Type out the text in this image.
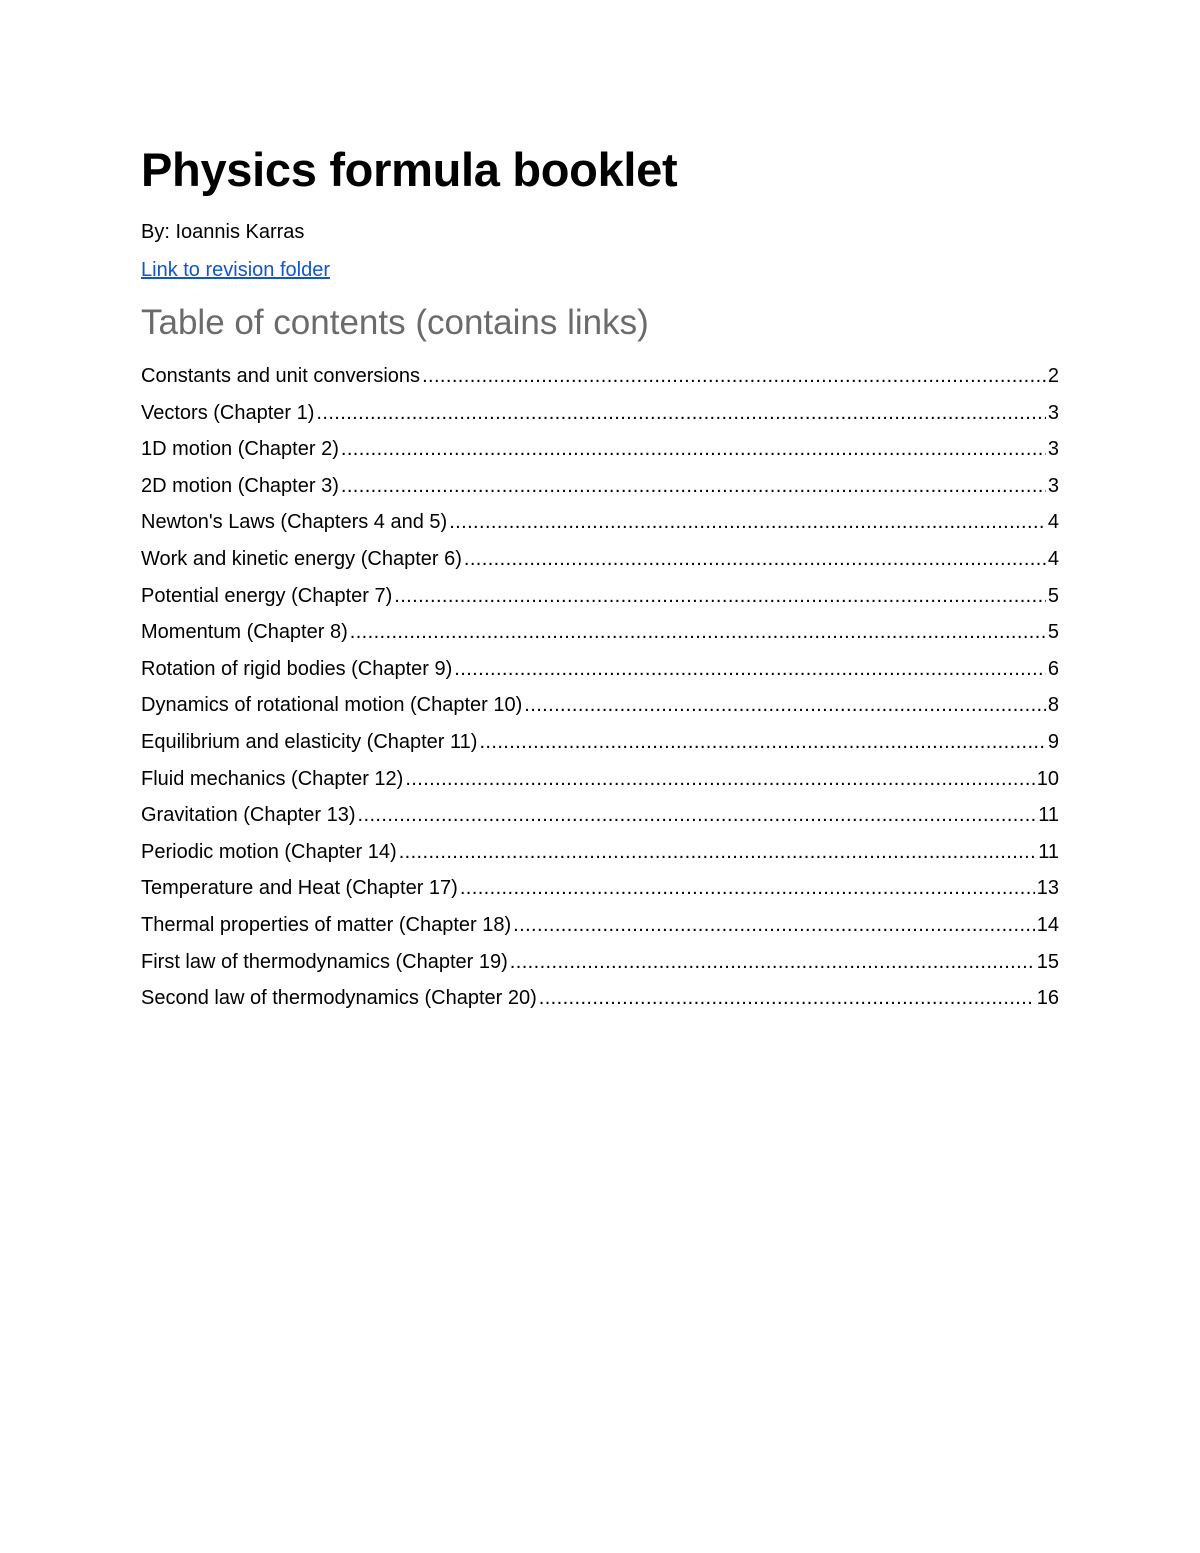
Physics formula booklet
By: Ioannis Karras
Link to revision folder
Table of contents (contains links)
Constants and unit conversions .....	2
Vectors (Chapter 1) .....	3
1D motion (Chapter 2) .....	3
2D motion (Chapter 3) .....	3
Newton's Laws (Chapters 4 and 5) .....	4
Work and kinetic energy (Chapter 6) .....	4
Potential energy (Chapter 7) .....	5
Momentum (Chapter 8) .....	5
Rotation of rigid bodies (Chapter 9) .....	6
Dynamics of rotational motion (Chapter 10) .....	8
Equilibrium and elasticity (Chapter 11) .....	9
Fluid mechanics (Chapter 12) .....	10
Gravitation (Chapter 13) .....	11
Periodic motion (Chapter 14) .....	11
Temperature and Heat (Chapter 17) .....	13
Thermal properties of matter (Chapter 18) .....	14
First law of thermodynamics (Chapter 19) .....	15
Second law of thermodynamics (Chapter 20) .....	16
